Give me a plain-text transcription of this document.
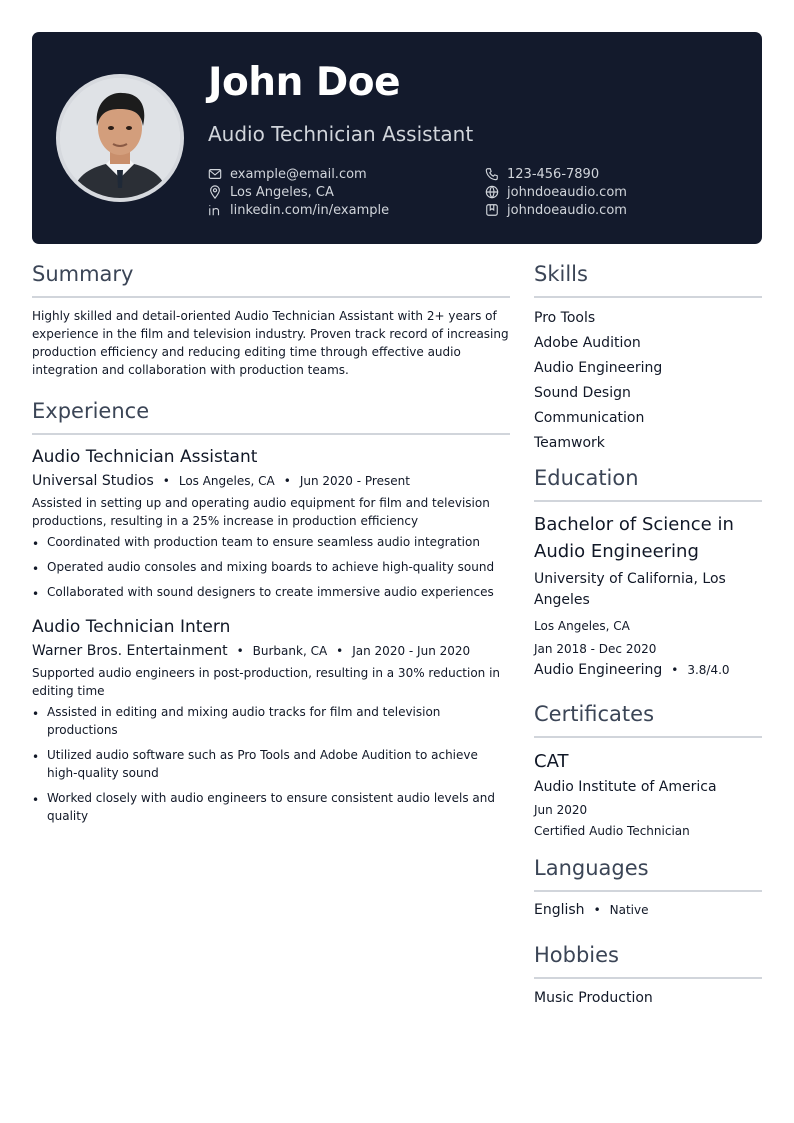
John Doe
Audio Technician Assistant
example@email.com
Los Angeles, CA
linkedin.com/in/example
123-456-7890
johndoeaudio.com
johndoeaudio.com
Summary
Highly skilled and detail-oriented Audio Technician Assistant with 2+ years of experience in the film and television industry. Proven track record of increasing production efficiency and reducing editing time through effective audio integration and collaboration with production teams.
Experience
Audio Technician Assistant
Universal Studios • Los Angeles, CA • Jun 2020 - Present
Assisted in setting up and operating audio equipment for film and television productions, resulting in a 25% increase in production efficiency
• Coordinated with production team to ensure seamless audio integration
• Operated audio consoles and mixing boards to achieve high-quality sound
• Collaborated with sound designers to create immersive audio experiences
Audio Technician Intern
Warner Bros. Entertainment • Burbank, CA • Jan 2020 - Jun 2020
Supported audio engineers in post-production, resulting in a 30% reduction in editing time
• Assisted in editing and mixing audio tracks for film and television productions
• Utilized audio software such as Pro Tools and Adobe Audition to achieve high-quality sound
• Worked closely with audio engineers to ensure consistent audio levels and quality
Skills
Pro Tools
Adobe Audition
Audio Engineering
Sound Design
Communication
Teamwork
Education
Bachelor of Science in Audio Engineering
University of California, Los Angeles
Los Angeles, CA
Jan 2018 - Dec 2020
Audio Engineering • 3.8/4.0
Certificates
CAT
Audio Institute of America
Jun 2020
Certified Audio Technician
Languages
English • Native
Hobbies
Music Production
